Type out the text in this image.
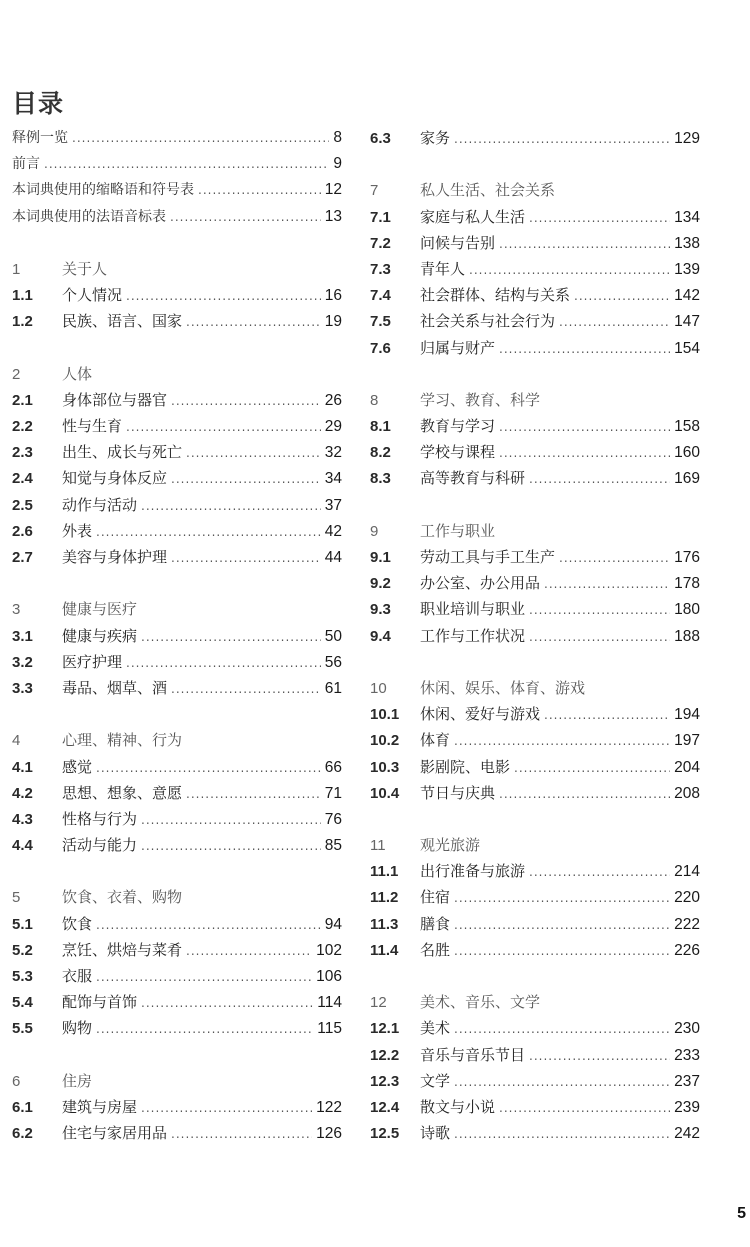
目录
释例一览 .....	8
前言 .....	9
本词典使用的缩略语和符号表 .....	12
本词典使用的法语音标表 .....	13
1	关于人
1.1	个人情况 .....	16
1.2	民族、语言、国家 .....	19
2	人体
2.1	身体部位与器官 .....	26
2.2	性与生育 .....	29
2.3	出生、成长与死亡 .....	32
2.4	知觉与身体反应 .....	34
2.5	动作与活动 .....	37
2.6	外表 .....	42
2.7	美容与身体护理 .....	44
3	健康与医疗
3.1	健康与疾病 .....	50
3.2	医疗护理 .....	56
3.3	毒品、烟草、酒 .....	61
4	心理、精神、行为
4.1	感觉 .....	66
4.2	思想、想象、意愿 .....	71
4.3	性格与行为 .....	76
4.4	活动与能力 .....	85
5	饮食、衣着、购物
5.1	饮食 .....	94
5.2	烹饪、烘焙与菜肴 .....	102
5.3	衣服 .....	106
5.4	配饰与首饰 .....	114
5.5	购物 .....	115
6	住房
6.1	建筑与房屋 .....	122
6.2	住宅与家居用品 .....	126
6.3	家务 .....	129
7	私人生活、社会关系
7.1	家庭与私人生活 .....	134
7.2	问候与告别 .....	138
7.3	青年人 .....	139
7.4	社会群体、结构与关系 .....	142
7.5	社会关系与社会行为 .....	147
7.6	归属与财产 .....	154
8	学习、教育、科学
8.1	教育与学习 .....	158
8.2	学校与课程 .....	160
8.3	高等教育与科研 .....	169
9	工作与职业
9.1	劳动工具与手工生产 .....	176
9.2	办公室、办公用品 .....	178
9.3	职业培训与职业 .....	180
9.4	工作与工作状况 .....	188
10	休闲、娱乐、体育、游戏
10.1	休闲、爱好与游戏 .....	194
10.2	体育 .....	197
10.3	影剧院、电影 .....	204
10.4	节日与庆典 .....	208
11	观光旅游
11.1	出行准备与旅游 .....	214
11.2	住宿 .....	220
11.3	膳食 .....	222
11.4	名胜 .....	226
12	美术、音乐、文学
12.1	美术 .....	230
12.2	音乐与音乐节目 .....	233
12.3	文学 .....	237
12.4	散文与小说 .....	239
12.5	诗歌 .....	242
5
